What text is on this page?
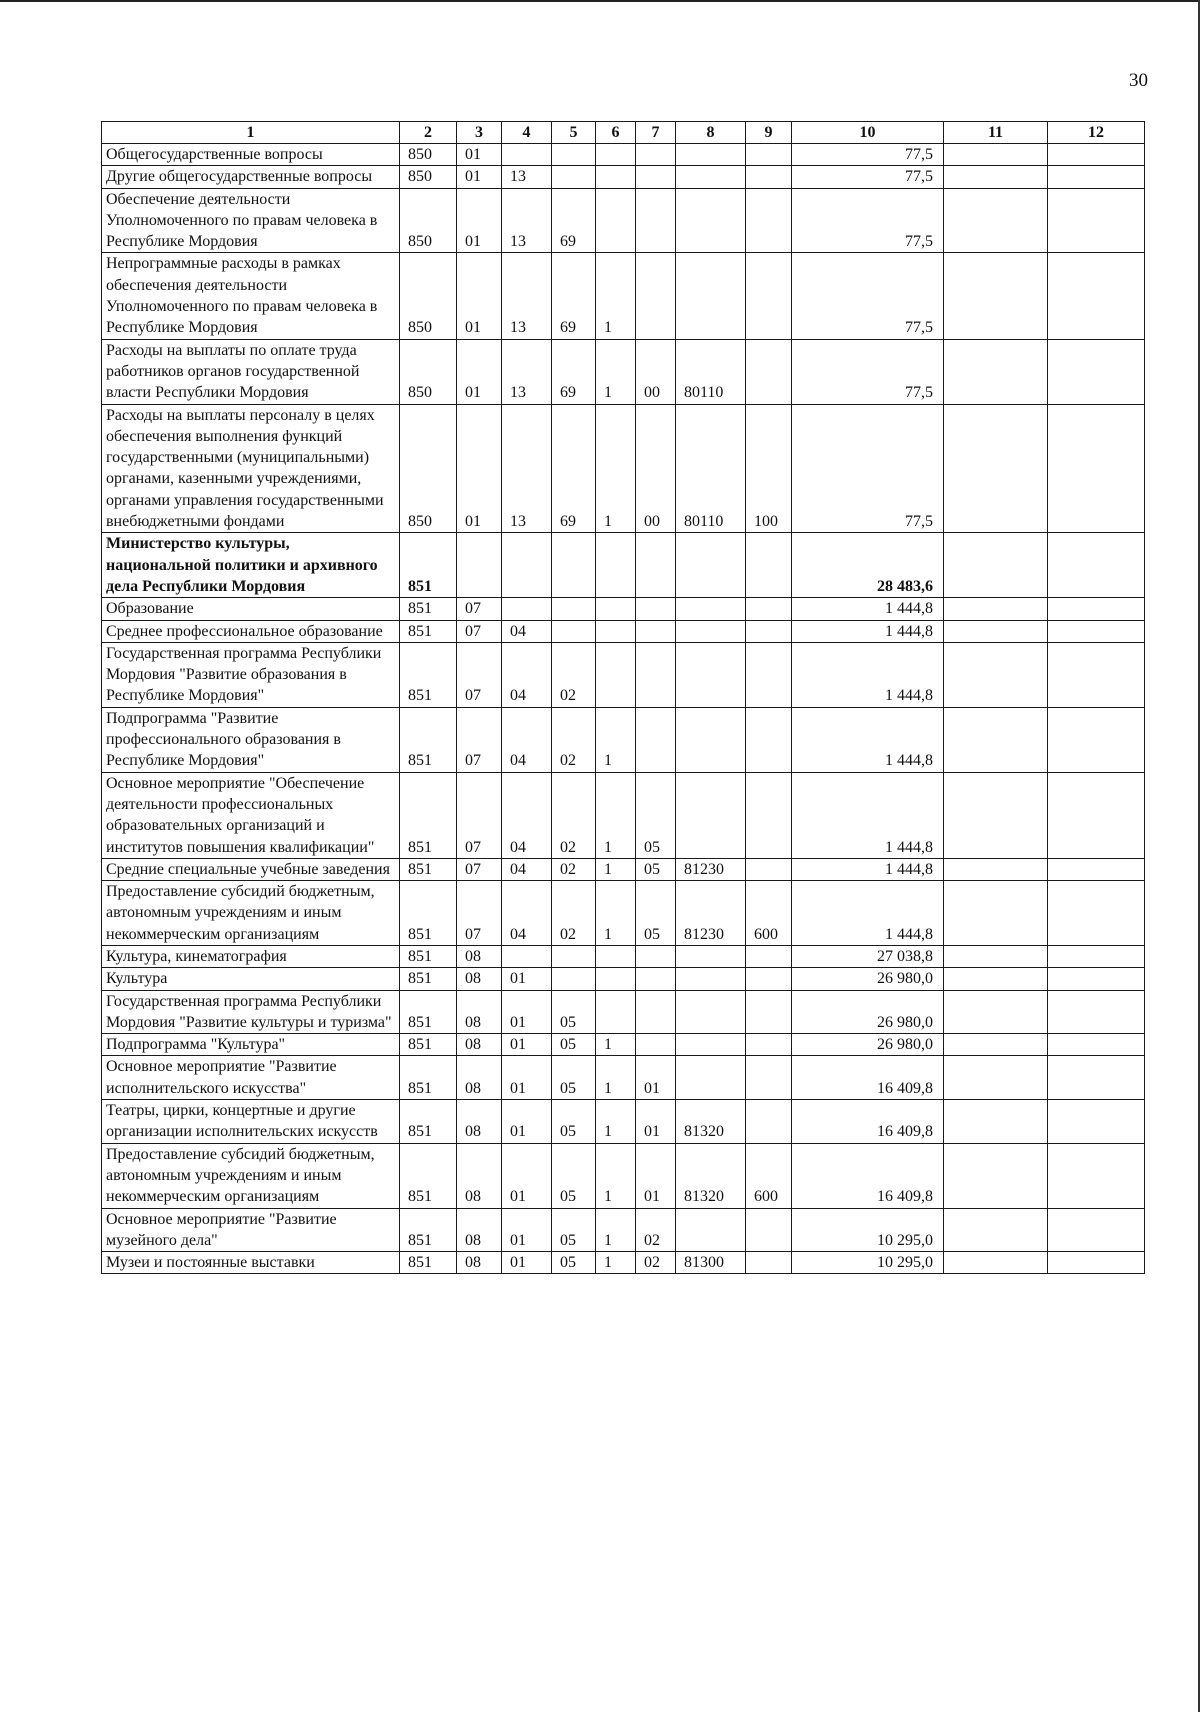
30
1	2	3	4	5	6	7	8	9	10	11	12
Общегосударственные вопросы	850	01							77,5		
Другие общегосударственные вопросы	850	01	13						77,5		
Обеспечение деятельности Уполномоченного по правам человека в Республике Мордовия	850	01	13	69					77,5		
Непрограммные расходы в рамках обеспечения деятельности Уполномоченного по правам человека в Республике Мордовия	850	01	13	69	1				77,5		
Расходы на выплаты по оплате труда работников органов государственной власти Республики Мордовия	850	01	13	69	1	00	80110		77,5		
Расходы на выплаты персоналу в целях обеспечения выполнения функций государственными (муниципальными) органами, казенными учреждениями, органами управления государственными внебюджетными фондами	850	01	13	69	1	00	80110	100	77,5		
Министерство культуры, национальной политики и архивного дела Республики Мордовия	851								28 483,6		
Образование	851	07							1 444,8		
Среднее профессиональное образование	851	07	04						1 444,8		
Государственная программа Республики Мордовия "Развитие образования в Республике Мордовия"	851	07	04	02					1 444,8		
Подпрограмма "Развитие профессионального образования в Республике Мордовия"	851	07	04	02	1				1 444,8		
Основное мероприятие "Обеспечение деятельности профессиональных образовательных организаций и институтов повышения квалификации"	851	07	04	02	1	05			1 444,8		
Средние специальные учебные заведения	851	07	04	02	1	05	81230		1 444,8		
Предоставление субсидий бюджетным, автономным учреждениям и иным некоммерческим организациям	851	07	04	02	1	05	81230	600	1 444,8		
Культура, кинематография	851	08							27 038,8		
Культура	851	08	01						26 980,0		
Государственная программа Республики Мордовия "Развитие культуры и туризма"	851	08	01	05					26 980,0		
Подпрограмма "Культура"	851	08	01	05	1				26 980,0		
Основное мероприятие "Развитие исполнительского искусства"	851	08	01	05	1	01			16 409,8		
Театры, цирки, концертные и другие организации исполнительских искусств	851	08	01	05	1	01	81320		16 409,8		
Предоставление субсидий бюджетным, автономным учреждениям и иным некоммерческим организациям	851	08	01	05	1	01	81320	600	16 409,8		
Основное мероприятие "Развитие музейного дела"	851	08	01	05	1	02			10 295,0		
Музеи и постоянные выставки	851	08	01	05	1	02	81300		10 295,0		
